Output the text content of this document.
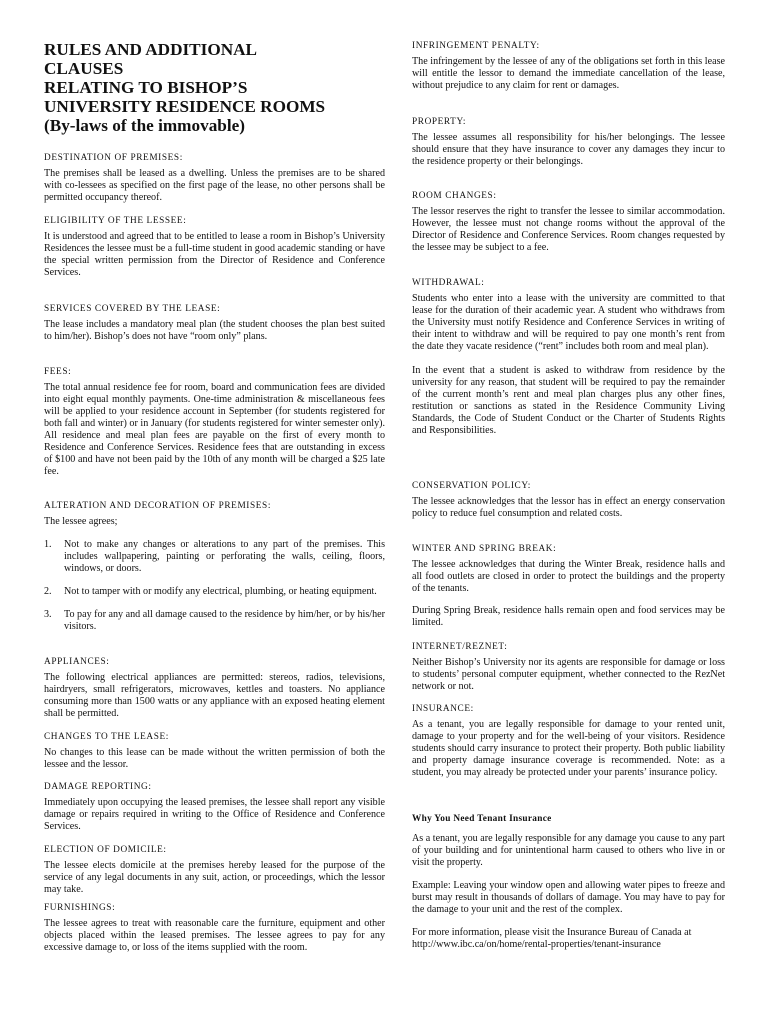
RULES AND ADDITIONAL
CLAUSES
RELATING TO BISHOP’S
UNIVERSITY RESIDENCE ROOMS
(By-laws of the immovable)
DESTINATION OF PREMISES:
The premises shall be leased as a dwelling. Unless the premises are to be shared with co-lessees as specified on the first page of the lease, no other persons shall be permitted occupancy thereof.
ELIGIBILITY OF THE LESSEE:
It is understood and agreed that to be entitled to lease a room in Bishop’s University Residences the lessee must be a full-time student in good academic standing or have the special written permission from the Director of Residence and Conference Services.
SERVICES COVERED BY THE LEASE:
The lease includes a mandatory meal plan (the student chooses the plan best suited to him/her). Bishop’s does not have “room only” plans.
FEES:
The total annual residence fee for room, board and communication fees are divided into eight equal monthly payments. One-time administration & miscellaneous fees will be applied to your residence account in September (for students registered for both fall and winter) or in January (for students registered for winter semester only). All residence and meal plan fees are payable on the first of every month to Residence and Conference Services. Residence fees that are outstanding in excess of $100 and have not been paid by the 10th of any month will be charged a $25 late fee.
ALTERATION AND DECORATION OF PREMISES:
The lessee agrees;
1. Not to make any changes or alterations to any part of the premises. This includes wallpapering, painting or perforating the walls, ceiling, floors, windows, or doors.
2. Not to tamper with or modify any electrical, plumbing, or heating equipment.
3. To pay for any and all damage caused to the residence by him/her, or by his/her visitors.
APPLIANCES:
The following electrical appliances are permitted: stereos, radios, televisions, hairdryers, small refrigerators, microwaves, kettles and toasters. No appliance consuming more than 1500 watts or any appliance with an exposed heating element shall be permitted.
CHANGES TO THE LEASE:
No changes to this lease can be made without the written permission of both the lessee and the lessor.
DAMAGE REPORTING:
Immediately upon occupying the leased premises, the lessee shall report any visible damage or repairs required in writing to the Office of Residence and Conference Services.
ELECTION OF DOMICILE:
The lessee elects domicile at the premises hereby leased for the purpose of the service of any legal documents in any suit, action, or proceedings, which the lessor may take.
FURNISHINGS:
The lessee agrees to treat with reasonable care the furniture, equipment and other objects placed within the leased premises. The lessee agrees to pay for any excessive damage to, or loss of the items supplied with the room.
INFRINGEMENT PENALTY:
The infringement by the lessee of any of the obligations set forth in this lease will entitle the lessor to demand the immediate cancellation of the lease, without prejudice to any claim for rent or damages.
PROPERTY:
The lessee assumes all responsibility for his/her belongings. The lessee should ensure that they have insurance to cover any damages they incur to the residence property or their belongings.
ROOM CHANGES:
The lessor reserves the right to transfer the lessee to similar accommodation. However, the lessee must not change rooms without the approval of the Director of Residence and Conference Services. Room changes requested by the lessee may be subject to a fee.
WITHDRAWAL:
Students who enter into a lease with the university are committed to that lease for the duration of their academic year. A student who withdraws from the University must notify Residence and Conference Services in writing of their intent to withdraw and will be required to pay one month’s rent from the date they vacate residence (“rent” includes both room and meal plan).
In the event that a student is asked to withdraw from residence by the university for any reason, that student will be required to pay the remainder of the current month’s rent and meal plan charges plus any other fines, restitution or sanctions as stated in the Residence Community Living Standards, the Code of Student Conduct or the Charter of Students Rights and Responsibilities.
CONSERVATION POLICY:
The lessee acknowledges that the lessor has in effect an energy conservation policy to reduce fuel consumption and related costs.
WINTER AND SPRING BREAK:
The lessee acknowledges that during the Winter Break, residence halls and all food outlets are closed in order to protect the buildings and the property of the tenants.
During Spring Break, residence halls remain open and food services may be limited.
INTERNET/REZNET:
Neither Bishop’s University nor its agents are responsible for damage or loss to students’ personal computer equipment, whether connected to the RezNet network or not.
INSURANCE:
As a tenant, you are legally responsible for damage to your rented unit, damage to your property and for the well-being of your visitors. Residence students should carry insurance to protect their property. Both public liability and property damage insurance coverage is recommended. Note: as a student, you may already be protected under your parents’ insurance policy.
Why You Need Tenant Insurance
As a tenant, you are legally responsible for any damage you cause to any part of your building and for unintentional harm caused to others who live in or visit the property.
Example: Leaving your window open and allowing water pipes to freeze and burst may result in thousands of dollars of damage. You may have to pay for the damage to your unit and the rest of the complex.
For more information, please visit the Insurance Bureau of Canada at http://www.ibc.ca/on/home/rental-properties/tenant-insurance
